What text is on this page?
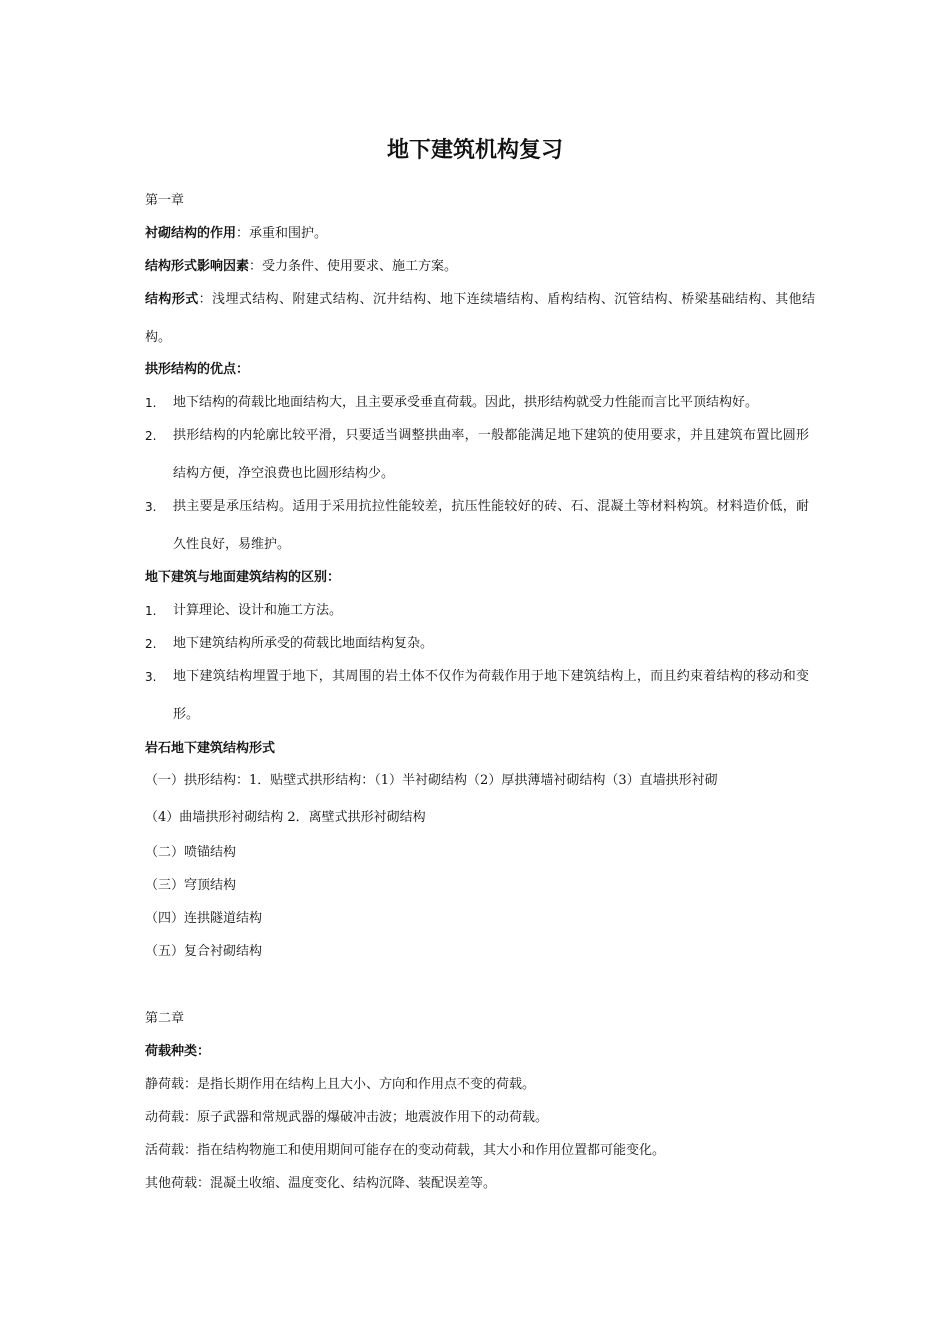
地下建筑机构复习
第一章
衬砌结构的作用：承重和围护。
结构形式影响因素：受力条件、使用要求、施工方案。
结构形式：浅埋式结构、附建式结构、沉井结构、地下连续墙结构、盾构结构、沉管结构、桥梁基础结构、其他结构。
拱形结构的优点：
1.	地下结构的荷载比地面结构大，且主要承受垂直荷载。因此，拱形结构就受力性能而言比平顶结构好。
2.	拱形结构的内轮廓比较平滑，只要适当调整拱曲率，一般都能满足地下建筑的使用要求，并且建筑布置比圆形结构方便，净空浪费也比圆形结构少。
3.	拱主要是承压结构。适用于采用抗拉性能较差，抗压性能较好的砖、石、混凝土等材料构筑。材料造价低，耐久性良好，易维护。
地下建筑与地面建筑结构的区别：
1.	计算理论、设计和施工方法。
2.	地下建筑结构所承受的荷载比地面结构复杂。
3.	地下建筑结构埋置于地下，其周围的岩土体不仅作为荷载作用于地下建筑结构上，而且约束着结构的移动和变形。
岩石地下建筑结构形式
（一）拱形结构：1．贴壁式拱形结构：（1）半衬砌结构（2）厚拱薄墙衬砌结构（3）直墙拱形衬砌
（4）曲墙拱形衬砌结构 2．离壁式拱形衬砌结构
（二）喷锚结构
（三）穹顶结构
（四）连拱隧道结构
（五）复合衬砌结构
第二章
荷载种类：
静荷载：是指长期作用在结构上且大小、方向和作用点不变的荷载。
动荷载：原子武器和常规武器的爆破冲击波；地震波作用下的动荷载。
活荷载：指在结构物施工和使用期间可能存在的变动荷载，其大小和作用位置都可能变化。
其他荷载：混凝土收缩、温度变化、结构沉降、装配误差等。
